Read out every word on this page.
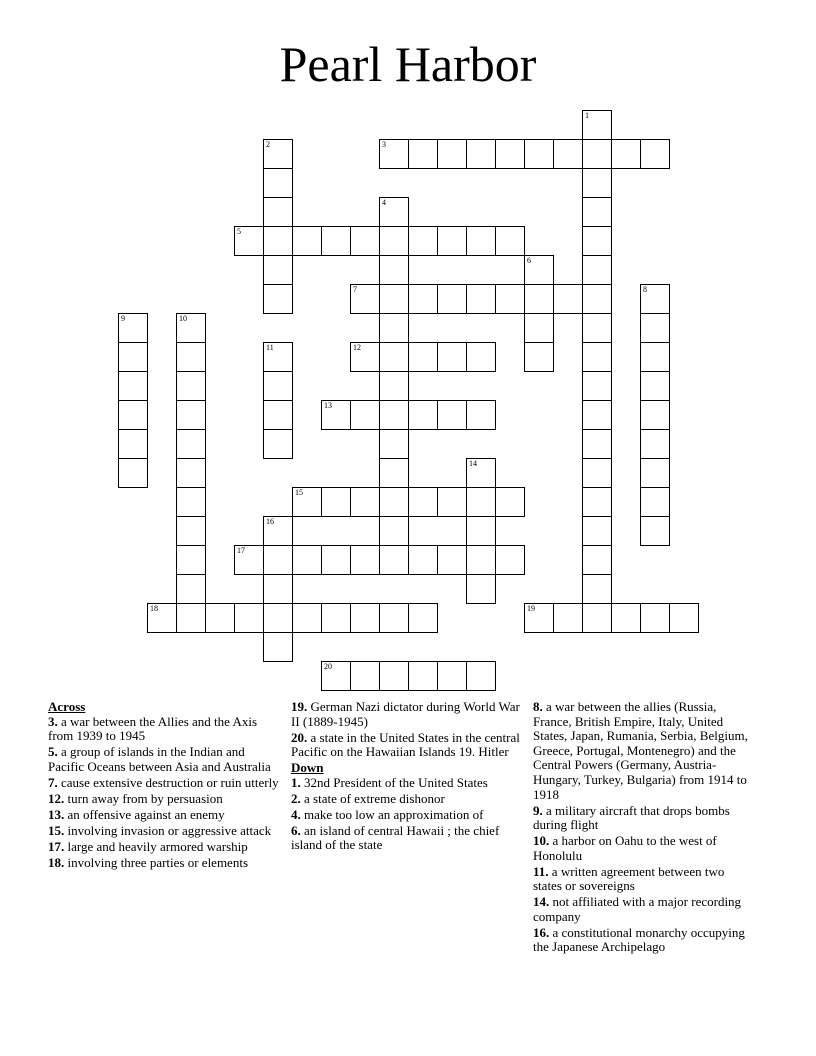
Pearl Harbor
1
2	3
4
5
6
7	8
9	10
11	12
13
14
15
16
17
18	19
20
Across
3. a war between the Allies and the Axis from 1939 to 1945
5. a group of islands in the Indian and Pacific Oceans between Asia and Australia
7. cause extensive destruction or ruin utterly
12. turn away from by persuasion
13. an offensive against an enemy
15. involving invasion or aggressive attack
17. large and heavily armored warship
18. involving three parties or elements
19. German Nazi dictator during World War II (1889-1945)
20. a state in the United States in the central Pacific on the Hawaiian Islands 19. Hitler
Down
1. 32nd President of the United States
2. a state of extreme dishonor
4. make too low an approximation of
6. an island of central Hawaii ; the chief island of the state
8. a war between the allies (Russia, France, British Empire, Italy, United States, Japan, Rumania, Serbia, Belgium, Greece, Portugal, Montenegro) and the Central Powers (Germany, Austria-Hungary, Turkey, Bulgaria) from 1914 to 1918
9. a military aircraft that drops bombs during flight
10. a harbor on Oahu to the west of Honolulu
11. a written agreement between two states or sovereigns
14. not affiliated with a major recording company
16. a constitutional monarchy occupying the Japanese Archipelago
